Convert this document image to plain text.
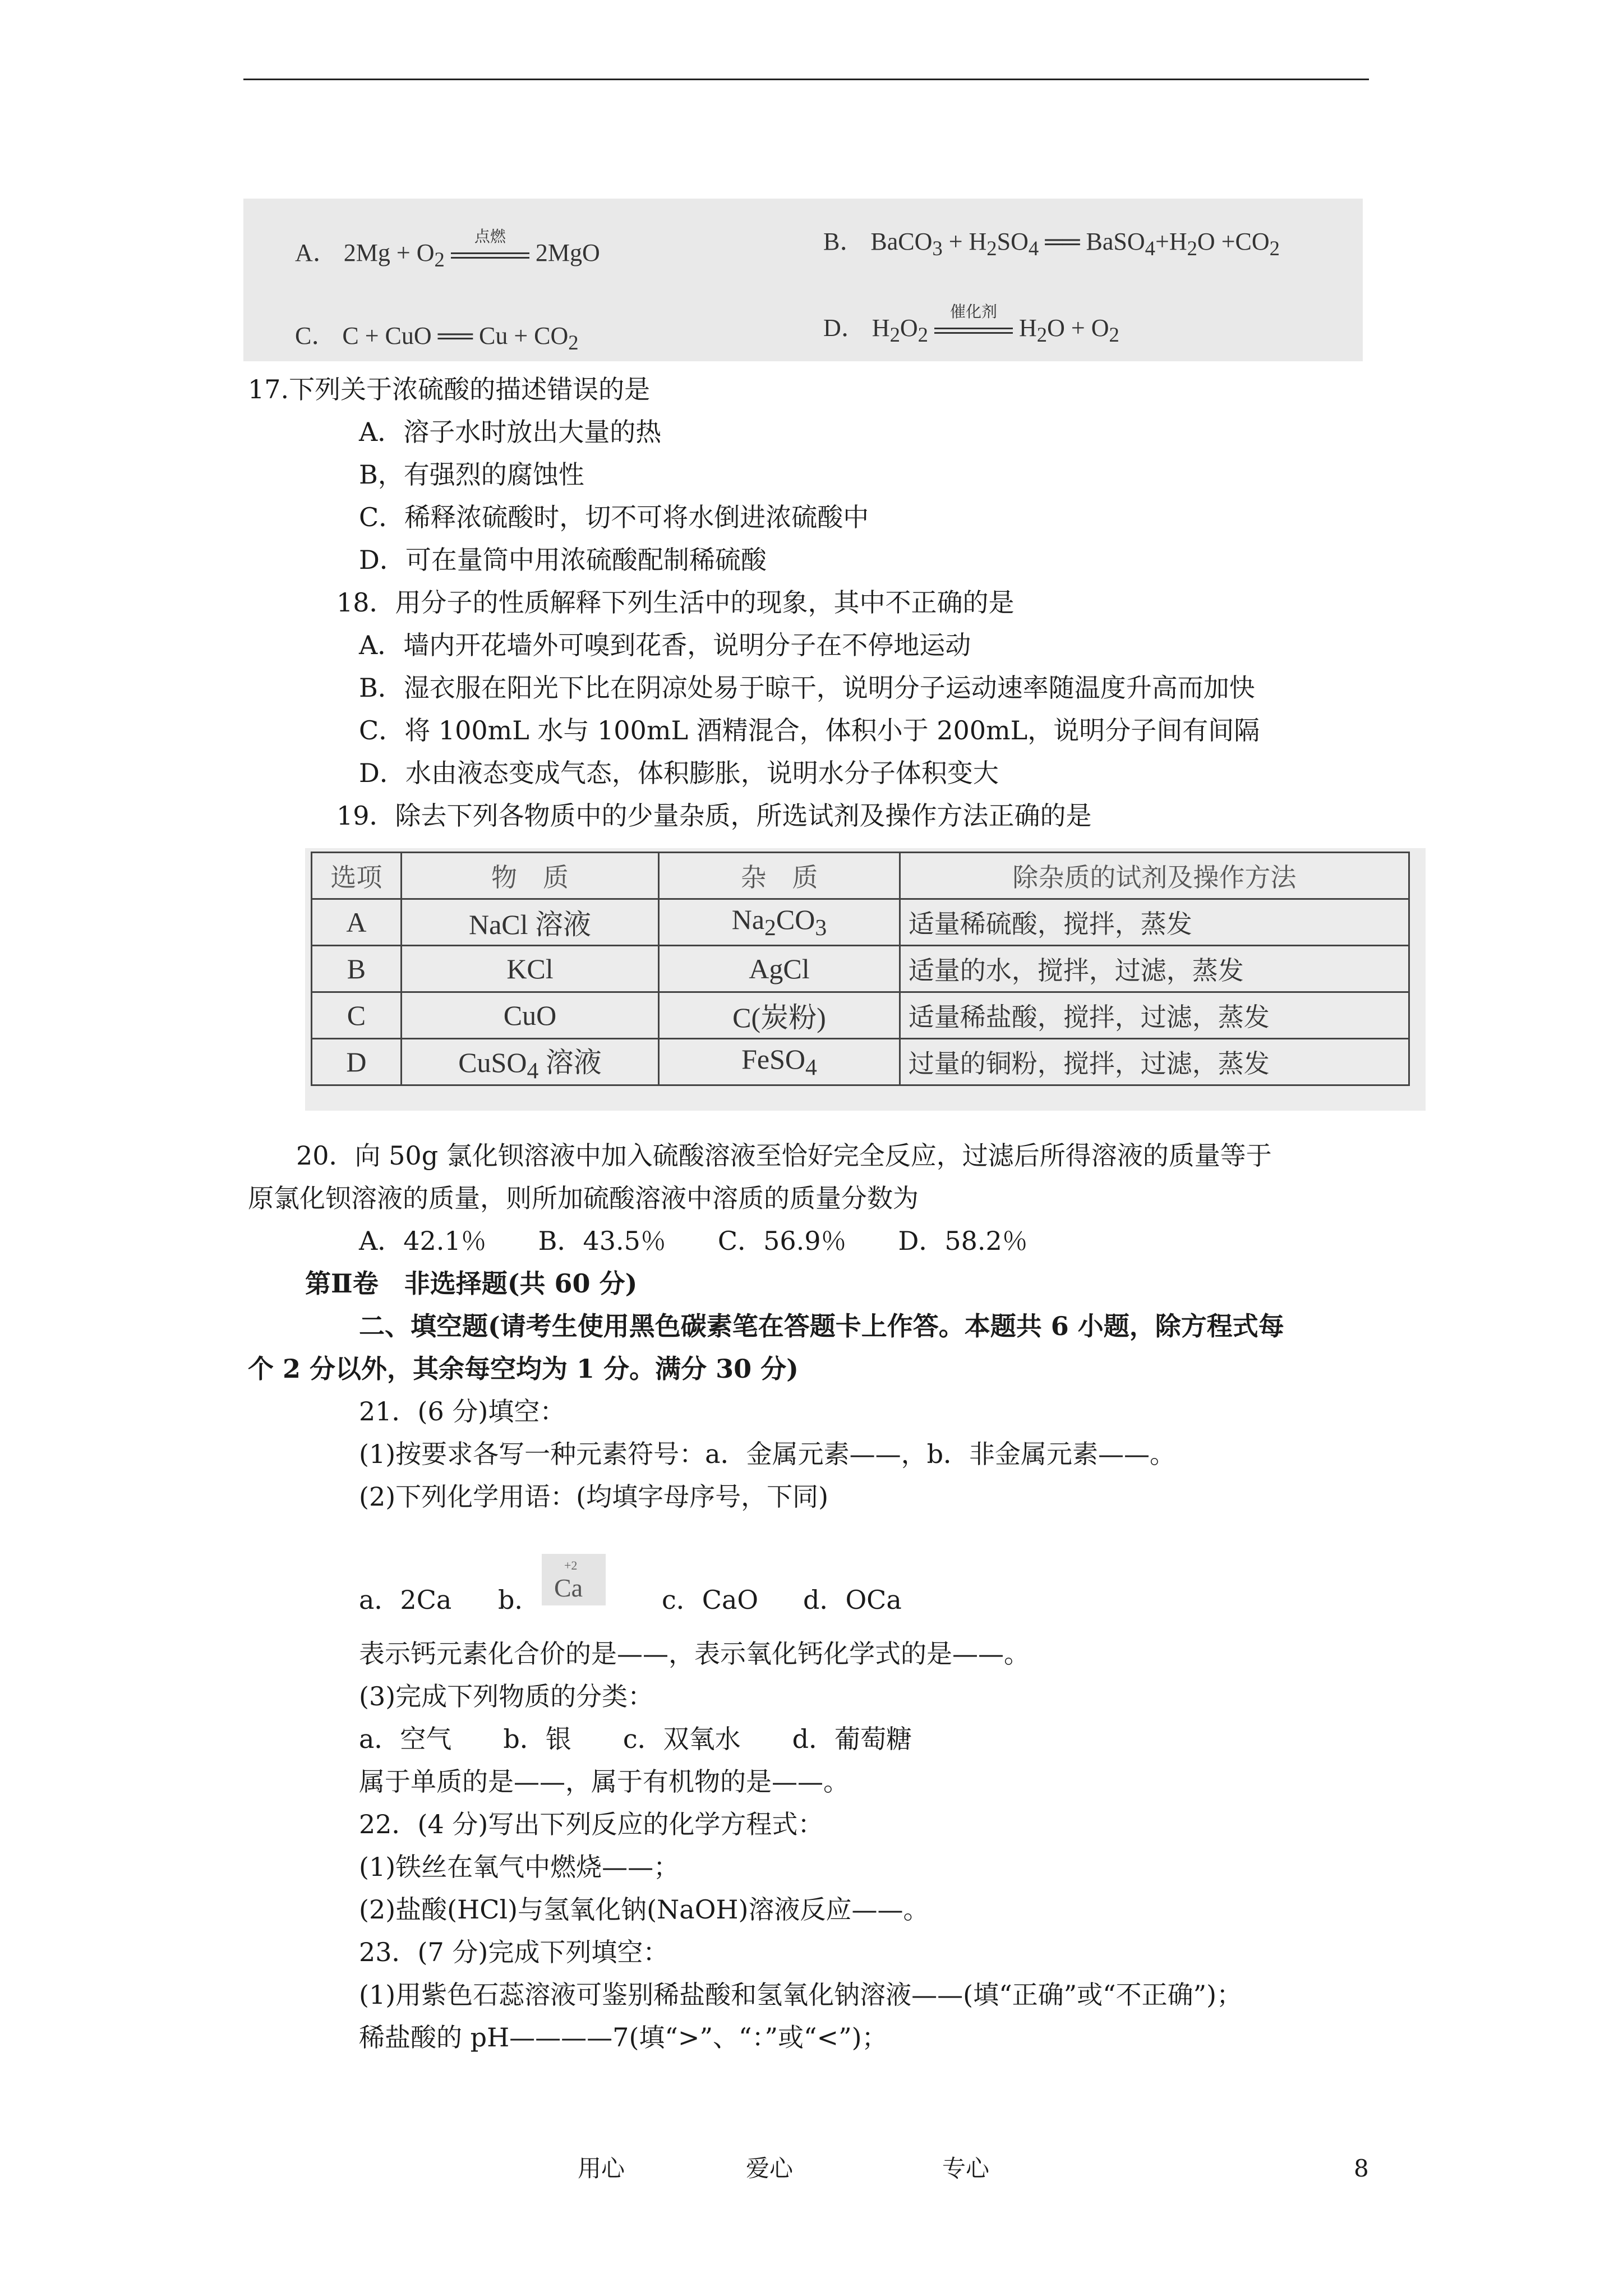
A． $2Mg + O_2$
点燃
2MgO	B． BaCO$_3$ + $H_2SO_4$ ══ $BaSO_4+H_2O +CO_2$
C． C + CuO ══ $Cu + CO_2$
D． $H_2O_2$
催化剂
$H_2O + O_2$
17.下列关于浓硫酸的描述错误的是
A．溶子水时放出大量的热
B，有强烈的腐蚀性
C．稀释浓硫酸时，切不可将水倒进浓硫酸中
D．可在量筒中用浓硫酸配制稀硫酸
18．用分子的性质解释下列生活中的现象，其中不正确的是
A．墙内开花墙外可嗅到花香，说明分子在不停地运动
B．湿衣服在阳光下比在阴凉处易于晾干，说明分子运动速率随温度升高而加快
C．将 100mL 水与 100mL 酒精混合，体积小于 200mL，说明分子间有间隔
D．水由液态变成气态，体积膨胀，说明水分子体积变大
19．除去下列各物质中的少量杂质，所选试剂及操作方法正确的是
选项	物　质	杂　质	除杂质的试剂及操作方法
A	NaCl 溶液	$Na_2CO_3$	适量稀硫酸，搅拌，蒸发
B	KCl	AgCl	适量的水，搅拌，过滤，蒸发
C	CuO	C(炭粉)	适量稀盐酸，搅拌，过滤，蒸发
D	CuSO$_4$ 溶液	FeSO$_4$	过量的铜粉，搅拌，过滤，蒸发
20．向 50g 氯化钡溶液中加入硫酸溶液至恰好完全反应，过滤后所得溶液的质量等于
原氯化钡溶液的质量，则所加硫酸溶液中溶质的质量分数为
A．42.1％　　B．43.5％　　C．56.9％　　D．58.2％
第Ⅱ卷　非选择题(共 60 分)
二、填空题(请考生使用黑色碳素笔在答题卡上作答。本题共 6 小题，除方程式每
个 2 分以外，其余每空均为 1 分。满分 30 分)
21．(6 分)填空：
(1)按要求各写一种元素符号：a．金属元素——，b．非金属元素——。
(2)下列化学用语：(均填字母序号，下同)
a．2Ca b．
+2
Ca	c．CaO d．OCa
表示钙元素化合价的是——，表示氧化钙化学式的是——。
(3)完成下列物质的分类：
a．空气　　b．银　　c．双氧水　　d．葡萄糖
属于单质的是——，属于有机物的是——。
22．(4 分)写出下列反应的化学方程式：
(1)铁丝在氧气中燃烧——；
(2)盐酸(HCl)与氢氧化钠(NaOH)溶液反应——。
23．(7 分)完成下列填空：
(1)用紫色石蕊溶液可鉴别稀盐酸和氢氧化钠溶液——(填“正确”或“不正确”)；
稀盐酸的 pH————7(填“>”、“：”或“<”)；
用心	爱心	专心	8
